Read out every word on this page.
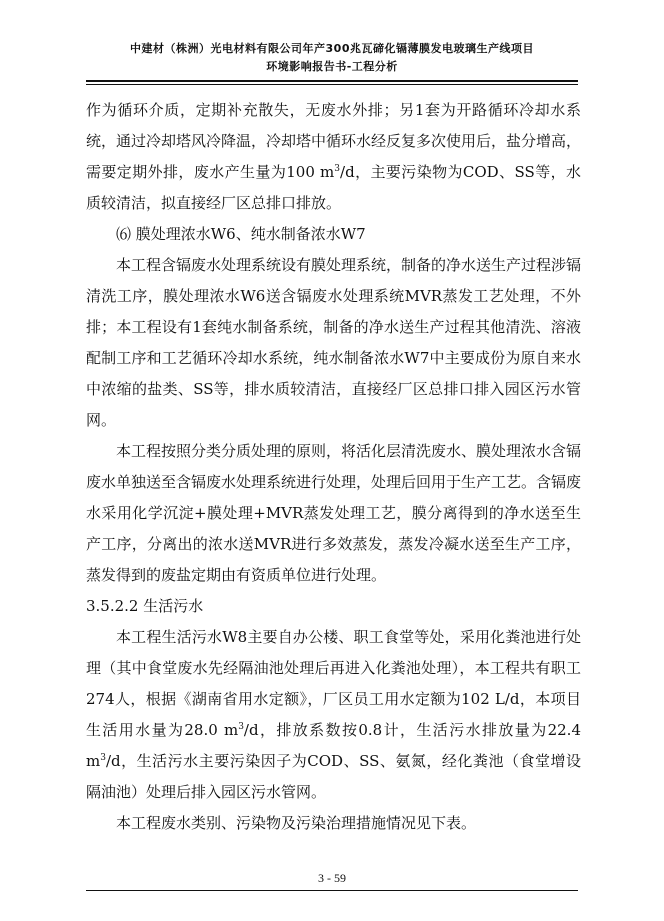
中建材（株洲）光电材料有限公司年产300兆瓦碲化镉薄膜发电玻璃生产线项目
环境影响报告书-工程分析

作为循环介质，定期补充散失，无废水外排；另1套为开路循环冷却水系统，通过冷却塔风冷降温，冷却塔中循环水经反复多次使用后，盐分增高，需要定期外排，废水产生量为100 $m^3/d$，主要污染物为COD、SS等，水质较清洁，拟直接经厂区总排口排放。

⑹ 膜处理浓水W6、纯水制备浓水W7

本工程含镉废水处理系统设有膜处理系统，制备的净水送生产过程涉镉清洗工序，膜处理浓水W6送含镉废水处理系统MVR蒸发工艺处理，不外排；本工程设有1套纯水制备系统，制备的净水送生产过程其他清洗、溶液配制工序和工艺循环冷却水系统，纯水制备浓水W7中主要成份为原自来水中浓缩的盐类、SS等，排水质较清洁，直接经厂区总排口排入园区污水管网。

本工程按照分类分质处理的原则，将活化层清洗废水、膜处理浓水含镉废水单独送至含镉废水处理系统进行处理，处理后回用于生产工艺。含镉废水采用化学沉淀+膜处理+MVR蒸发处理工艺，膜分离得到的净水送至生产工序，分离出的浓水送MVR进行多效蒸发，蒸发冷凝水送至生产工序，蒸发得到的废盐定期由有资质单位进行处理。

3.5.2.2 生活污水

本工程生活污水W8主要自办公楼、职工食堂等处，采用化粪池进行处理（其中食堂废水先经隔油池处理后再进入化粪池处理），本工程共有职工274人，根据《湖南省用水定额》，厂区员工用水定额为102 L/d，本项目生活用水量为28.0 $m^3/d$，排放系数按0.8计，生活污水排放量为22.4 $m^3/d$，生活污水主要污染因子为COD、SS、氨氮，经化粪池（食堂增设隔油池）处理后排入园区污水管网。

本工程废水类别、污染物及污染治理措施情况见下表。

3 - 59
